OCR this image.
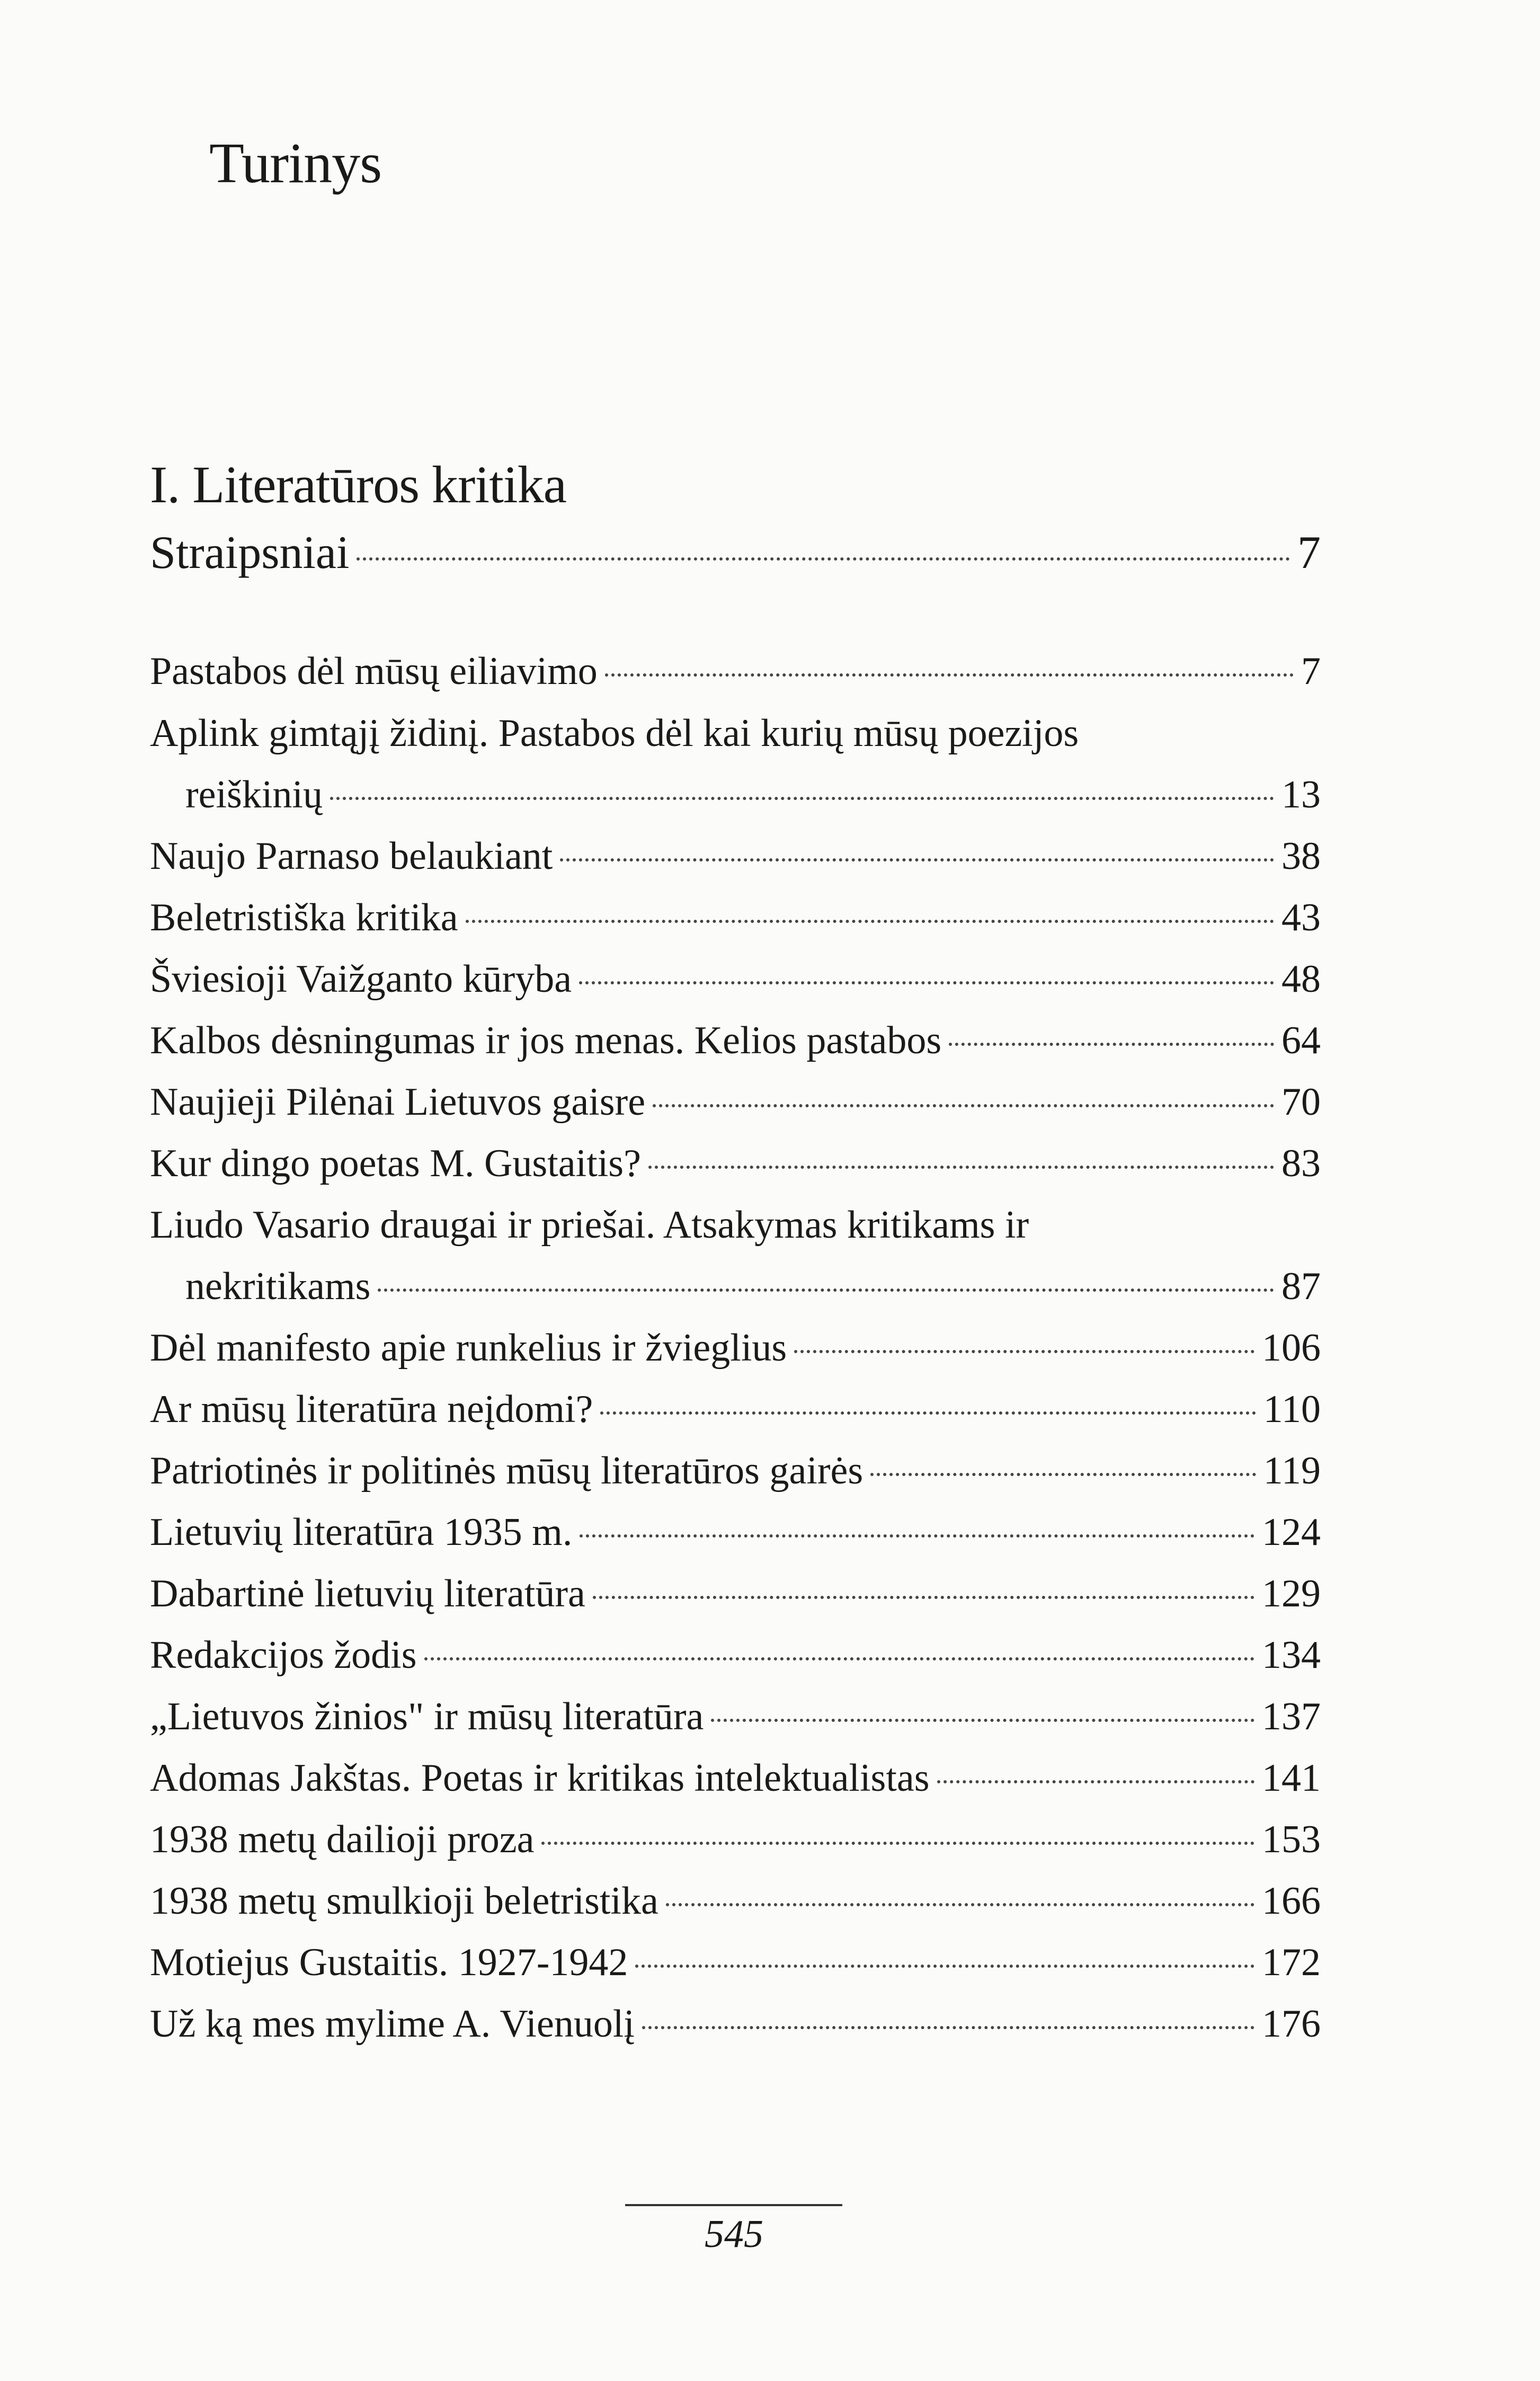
Turinys
I. Literatūros kritika
Straipsniai	7
Pastabos dėl mūsų eiliavimo	7
Aplink gimtąjį židinį. Pastabos dėl kai kurių mūsų poezijos
reiškinių	13
Naujo Parnaso belaukiant	38
Beletristiška kritika	43
Šviesioji Vaižganto kūryba	48
Kalbos dėsningumas ir jos menas. Kelios pastabos	64
Naujieji Pilėnai Lietuvos gaisre	70
Kur dingo poetas M. Gustaitis?	83
Liudo Vasario draugai ir priešai. Atsakymas kritikams ir
nekritikams	87
Dėl manifesto apie runkelius ir žvieglius	106
Ar mūsų literatūra neįdomi?	110
Patriotinės ir politinės mūsų literatūros gairės	119
Lietuvių literatūra 1935 m.	124
Dabartinė lietuvių literatūra	129
Redakcijos žodis	134
„Lietuvos žinios" ir mūsų literatūra	137
Adomas Jakštas. Poetas ir kritikas intelektualistas	141
1938 metų dailioji proza	153
1938 metų smulkioji beletristika	166
Motiejus Gustaitis. 1927-1942	172
Už ką mes mylime A. Vienuolį	176
545
